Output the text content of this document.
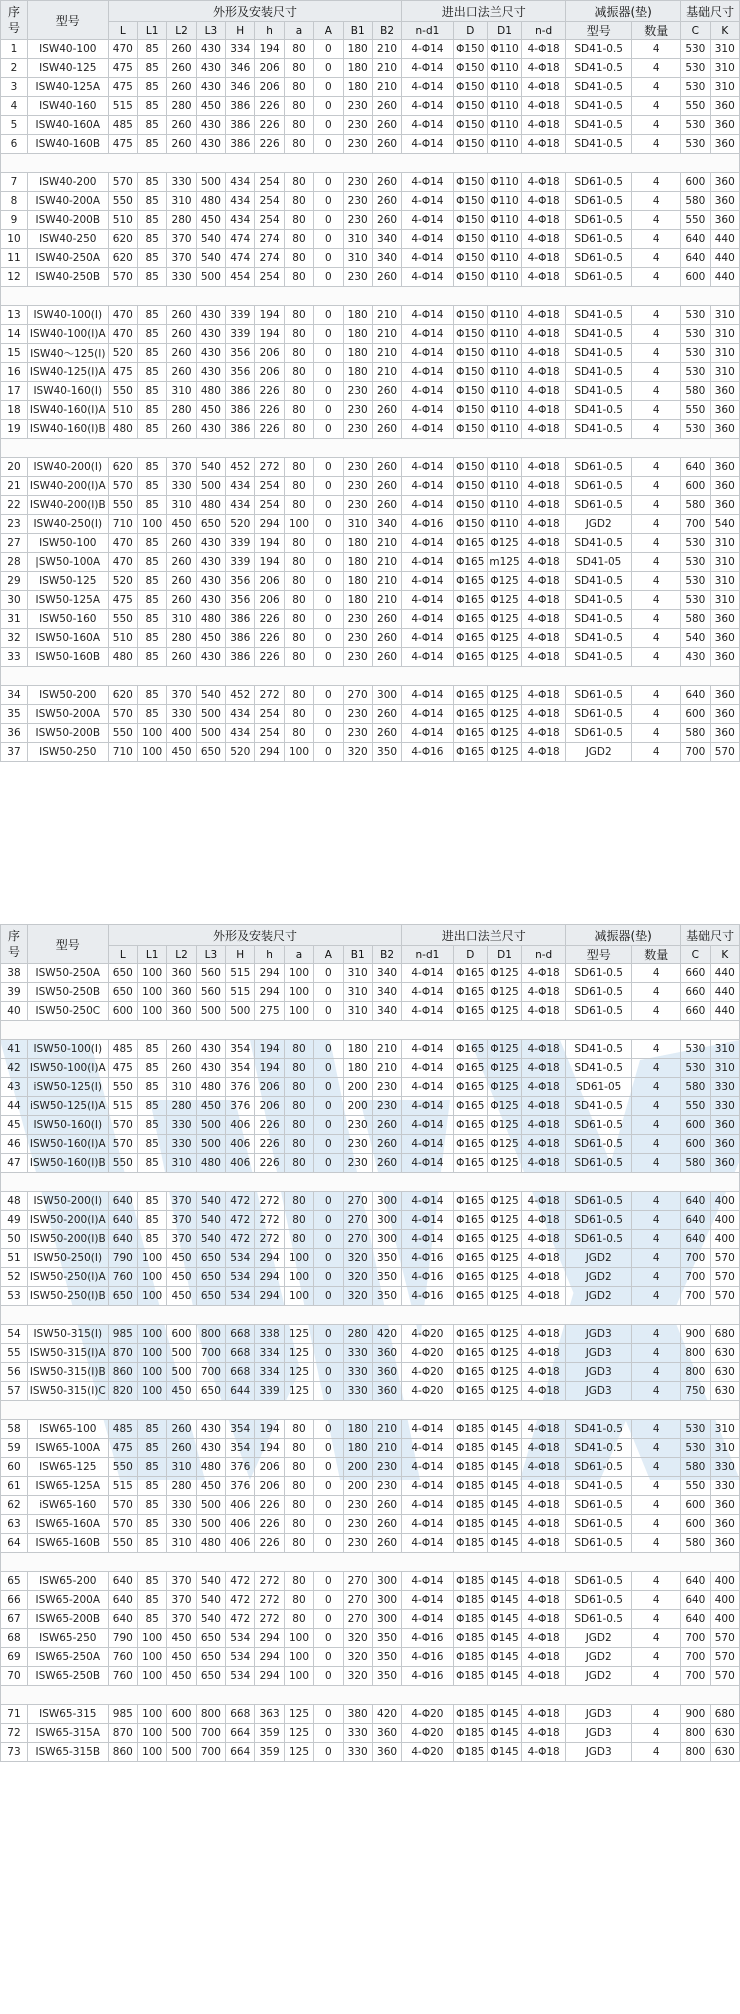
序
号	型号	外形及安装尺寸										进出口法兰尺寸				减振器(垫)		基础尺寸	
		L	L1	L2	L3	H	h	a	A	B1	B2	n-d1	D	D1	n-d	型号	数量	C	K
1	ISW40-100	470	85	260	430	334	194	80	0	180	210	4-Φ14	Φ150	Φ110	4-Φ18	SD41-0.5	4	530	310
2	ISW40-125	475	85	260	430	346	206	80	0	180	210	4-Φ14	Φ150	Φ110	4-Φ18	SD41-0.5	4	530	310
3	ISW40-125A	475	85	260	430	346	206	80	0	180	210	4-Φ14	Φ150	Φ110	4-Φ18	SD41-0.5	4	530	310
4	ISW40-160	515	85	280	450	386	226	80	0	230	260	4-Φ14	Φ150	Φ110	4-Φ18	SD41-0.5	4	550	360
5	ISW40-160A	485	85	260	430	386	226	80	0	230	260	4-Φ14	Φ150	Φ110	4-Φ18	SD41-0.5	4	530	360
6	ISW40-160B	475	85	260	430	386	226	80	0	230	260	4-Φ14	Φ150	Φ110	4-Φ18	SD41-0.5	4	530	360

7	ISW40-200	570	85	330	500	434	254	80	0	230	260	4-Φ14	Φ150	Φ110	4-Φ18	SD61-0.5	4	600	360
8	ISW40-200A	550	85	310	480	434	254	80	0	230	260	4-Φ14	Φ150	Φ110	4-Φ18	SD61-0.5	4	580	360
9	ISW40-200B	510	85	280	450	434	254	80	0	230	260	4-Φ14	Φ150	Φ110	4-Φ18	SD61-0.5	4	550	360
10	ISW40-250	620	85	370	540	474	274	80	0	310	340	4-Φ14	Φ150	Φ110	4-Φ18	SD61-0.5	4	640	440
11	ISW40-250A	620	85	370	540	474	274	80	0	310	340	4-Φ14	Φ150	Φ110	4-Φ18	SD61-0.5	4	640	440
12	ISW40-250B	570	85	330	500	454	254	80	0	230	260	4-Φ14	Φ150	Φ110	4-Φ18	SD61-0.5	4	600	440

13	ISW40-100(Ⅰ)	470	85	260	430	339	194	80	0	180	210	4-Φ14	Φ150	Φ110	4-Φ18	SD41-0.5	4	530	310
14	ISW40-100(Ⅰ)A	470	85	260	430	339	194	80	0	180	210	4-Φ14	Φ150	Φ110	4-Φ18	SD41-0.5	4	530	310
15	ISW40～125(Ⅰ)	520	85	260	430	356	206	80	0	180	210	4-Φ14	Φ150	Φ110	4-Φ18	SD41-0.5	4	530	310
16	ISW40-125(Ⅰ)A	475	85	260	430	356	206	80	0	180	210	4-Φ14	Φ150	Φ110	4-Φ18	SD41-0.5	4	530	310
17	ISW40-160(Ⅰ)	550	85	310	480	386	226	80	0	230	260	4-Φ14	Φ150	Φ110	4-Φ18	SD41-0.5	4	580	360
18	ISW40-160(Ⅰ)A	510	85	280	450	386	226	80	0	230	260	4-Φ14	Φ150	Φ110	4-Φ18	SD41-0.5	4	550	360
19	ISW40-160(Ⅰ)B	480	85	260	430	386	226	80	0	230	260	4-Φ14	Φ150	Φ110	4-Φ18	SD41-0.5	4	530	360

20	ISW40-200(Ⅰ)	620	85	370	540	452	272	80	0	230	260	4-Φ14	Φ150	Φ110	4-Φ18	SD61-0.5	4	640	360
21	ISW40-200(Ⅰ)A	570	85	330	500	434	254	80	0	230	260	4-Φ14	Φ150	Φ110	4-Φ18	SD61-0.5	4	600	360
22	ISW40-200(Ⅰ)B	550	85	310	480	434	254	80	0	230	260	4-Φ14	Φ150	Φ110	4-Φ18	SD61-0.5	4	580	360
23	ISW40-250(Ⅰ)	710	100	450	650	520	294	100	0	310	340	4-Φ16	Φ150	Φ110	4-Φ18	JGD2	4	700	540
27	ISW50-100	470	85	260	430	339	194	80	0	180	210	4-Φ14	Φ165	Φ125	4-Φ18	SD41-0.5	4	530	310
28	|SW50-100A	470	85	260	430	339	194	80	0	180	210	4-Φ14	Φ165	m125	4-Φ18	SD41-05	4	530	310
29	ISW50-125	520	85	260	430	356	206	80	0	180	210	4-Φ14	Φ165	Φ125	4-Φ18	SD41-0.5	4	530	310
30	ISW50-125A	475	85	260	430	356	206	80	0	180	210	4-Φ14	Φ165	Φ125	4-Φ18	SD41-0.5	4	530	310
31	ISW50-160	550	85	310	480	386	226	80	0	230	260	4-Φ14	Φ165	Φ125	4-Φ18	SD41-0.5	4	580	360
32	ISW50-160A	510	85	280	450	386	226	80	0	230	260	4-Φ14	Φ165	Φ125	4-Φ18	SD41-0.5	4	540	360
33	ISW50-160B	480	85	260	430	386	226	80	0	230	260	4-Φ14	Φ165	Φ125	4-Φ18	SD41-0.5	4	430	360

34	ISW50-200	620	85	370	540	452	272	80	0	270	300	4-Φ14	Φ165	Φ125	4-Φ18	SD61-0.5	4	640	360
35	ISW50-200A	570	85	330	500	434	254	80	0	230	260	4-Φ14	Φ165	Φ125	4-Φ18	SD61-0.5	4	600	360
36	ISW50-200B	550	100	400	500	434	254	80	0	230	260	4-Φ14	Φ165	Φ125	4-Φ18	SD61-0.5	4	580	360
37	ISW50-250	710	100	450	650	520	294	100	0	320	350	4-Φ16	Φ165	Φ125	4-Φ18	JGD2	4	700	570
序
号	型号	外形及安装尺寸										进出口法兰尺寸				减振器(垫)		基础尺寸	
		L	L1	L2	L3	H	h	a	A	B1	B2	n-d1	D	D1	n-d	型号	数量	C	K
38	ISW50-250A	650	100	360	560	515	294	100	0	310	340	4-Φ14	Φ165	Φ125	4-Φ18	SD61-0.5	4	660	440
39	ISW50-250B	650	100	360	560	515	294	100	0	310	340	4-Φ14	Φ165	Φ125	4-Φ18	SD61-0.5	4	660	440
40	ISW50-250C	600	100	360	500	500	275	100	0	310	340	4-Φ14	Φ165	Φ125	4-Φ18	SD61-0.5	4	660	440

41	ISW50-100(Ⅰ)	485	85	260	430	354	194	80	0	180	210	4-Φ14	Φ165	Φ125	4-Φ18	SD41-0.5	4	530	310
42	ISW50-100(Ⅰ)A	475	85	260	430	354	194	80	0	180	210	4-Φ14	Φ165	Φ125	4-Φ18	SD41-0.5	4	530	310
43	iSW50-125(Ⅰ)	550	85	310	480	376	206	80	0	200	230	4-Φ14	Φ165	Φ125	4-Φ18	SD61-05	4	580	330
44	iSW50-125(Ⅰ)A	515	85	280	450	376	206	80	0	200	230	4-Φ14	Φ165	Φ125	4-Φ18	SD41-0.5	4	550	330
45	ISW50-160(Ⅰ)	570	85	330	500	406	226	80	0	230	260	4-Φ14	Φ165	Φ125	4-Φ18	SD61-0.5	4	600	360
46	ISW50-160(Ⅰ)A	570	85	330	500	406	226	80	0	230	260	4-Φ14	Φ165	Φ125	4-Φ18	SD61-0.5	4	600	360
47	ISW50-160(Ⅰ)B	550	85	310	480	406	226	80	0	230	260	4-Φ14	Φ165	Φ125	4-Φ18	SD61-0.5	4	580	360

48	ISW50-200(Ⅰ)	640	85	370	540	472	272	80	0	270	300	4-Φ14	Φ165	Φ125	4-Φ18	SD61-0.5	4	640	400
49	ISW50-200(Ⅰ)A	640	85	370	540	472	272	80	0	270	300	4-Φ14	Φ165	Φ125	4-Φ18	SD61-0.5	4	640	400
50	ISW50-200(Ⅰ)B	640	85	370	540	472	272	80	0	270	300	4-Φ14	Φ165	Φ125	4-Φ18	SD61-0.5	4	640	400
51	ISW50-250(Ⅰ)	790	100	450	650	534	294	100	0	320	350	4-Φ16	Φ165	Φ125	4-Φ18	JGD2	4	700	570
52	ISW50-250(Ⅰ)A	760	100	450	650	534	294	100	0	320	350	4-Φ16	Φ165	Φ125	4-Φ18	JGD2	4	700	570
53	ISW50-250(Ⅰ)B	650	100	450	650	534	294	100	0	320	350	4-Φ16	Φ165	Φ125	4-Φ18	JGD2	4	700	570

54	ISW50-315(Ⅰ)	985	100	600	800	668	338	125	0	280	420	4-Φ20	Φ165	Φ125	4-Φ18	JGD3	4	900	680
55	ISW50-315(Ⅰ)A	870	100	500	700	668	334	125	0	330	360	4-Φ20	Φ165	Φ125	4-Φ18	JGD3	4	800	630
56	ISW50-315(Ⅰ)B	860	100	500	700	668	334	125	0	330	360	4-Φ20	Φ165	Φ125	4-Φ18	JGD3	4	800	630
57	ISW50-315(Ⅰ)C	820	100	450	650	644	339	125	0	330	360	4-Φ20	Φ165	Φ125	4-Φ18	JGD3	4	750	630

58	ISW65-100	485	85	260	430	354	194	80	0	180	210	4-Φ14	Φ185	Φ145	4-Φ18	SD41-0.5	4	530	310
59	ISW65-100A	475	85	260	430	354	194	80	0	180	210	4-Φ14	Φ185	Φ145	4-Φ18	SD41-0.5	4	530	310
60	ISW65-125	550	85	310	480	376	206	80	0	200	230	4-Φ14	Φ185	Φ145	4-Φ18	SD61-0.5	4	580	330
61	ISW65-125A	515	85	280	450	376	206	80	0	200	230	4-Φ14	Φ185	Φ145	4-Φ18	SD41-0.5	4	550	330
62	iSW65-160	570	85	330	500	406	226	80	0	230	260	4-Φ14	Φ185	Φ145	4-Φ18	SD61-0.5	4	600	360
63	ISW65-160A	570	85	330	500	406	226	80	0	230	260	4-Φ14	Φ185	Φ145	4-Φ18	SD61-0.5	4	600	360
64	ISW65-160B	550	85	310	480	406	226	80	0	230	260	4-Φ14	Φ185	Φ145	4-Φ18	SD61-0.5	4	580	360

65	ISW65-200	640	85	370	540	472	272	80	0	270	300	4-Φ14	Φ185	Φ145	4-Φ18	SD61-0.5	4	640	400
66	ISW65-200A	640	85	370	540	472	272	80	0	270	300	4-Φ14	Φ185	Φ145	4-Φ18	SD61-0.5	4	640	400
67	ISW65-200B	640	85	370	540	472	272	80	0	270	300	4-Φ14	Φ185	Φ145	4-Φ18	SD61-0.5	4	640	400
68	ISW65-250	790	100	450	650	534	294	100	0	320	350	4-Φ16	Φ185	Φ145	4-Φ18	JGD2	4	700	570
69	ISW65-250A	760	100	450	650	534	294	100	0	320	350	4-Φ16	Φ185	Φ145	4-Φ18	JGD2	4	700	570
70	ISW65-250B	760	100	450	650	534	294	100	0	320	350	4-Φ16	Φ185	Φ145	4-Φ18	JGD2	4	700	570

71	ISW65-315	985	100	600	800	668	363	125	0	380	420	4-Φ20	Φ185	Φ145	4-Φ18	JGD3	4	900	680
72	ISW65-315A	870	100	500	700	664	359	125	0	330	360	4-Φ20	Φ185	Φ145	4-Φ18	JGD3	4	800	630
73	ISW65-315B	860	100	500	700	664	359	125	0	330	360	4-Φ20	Φ185	Φ145	4-Φ18	JGD3	4	800	630
